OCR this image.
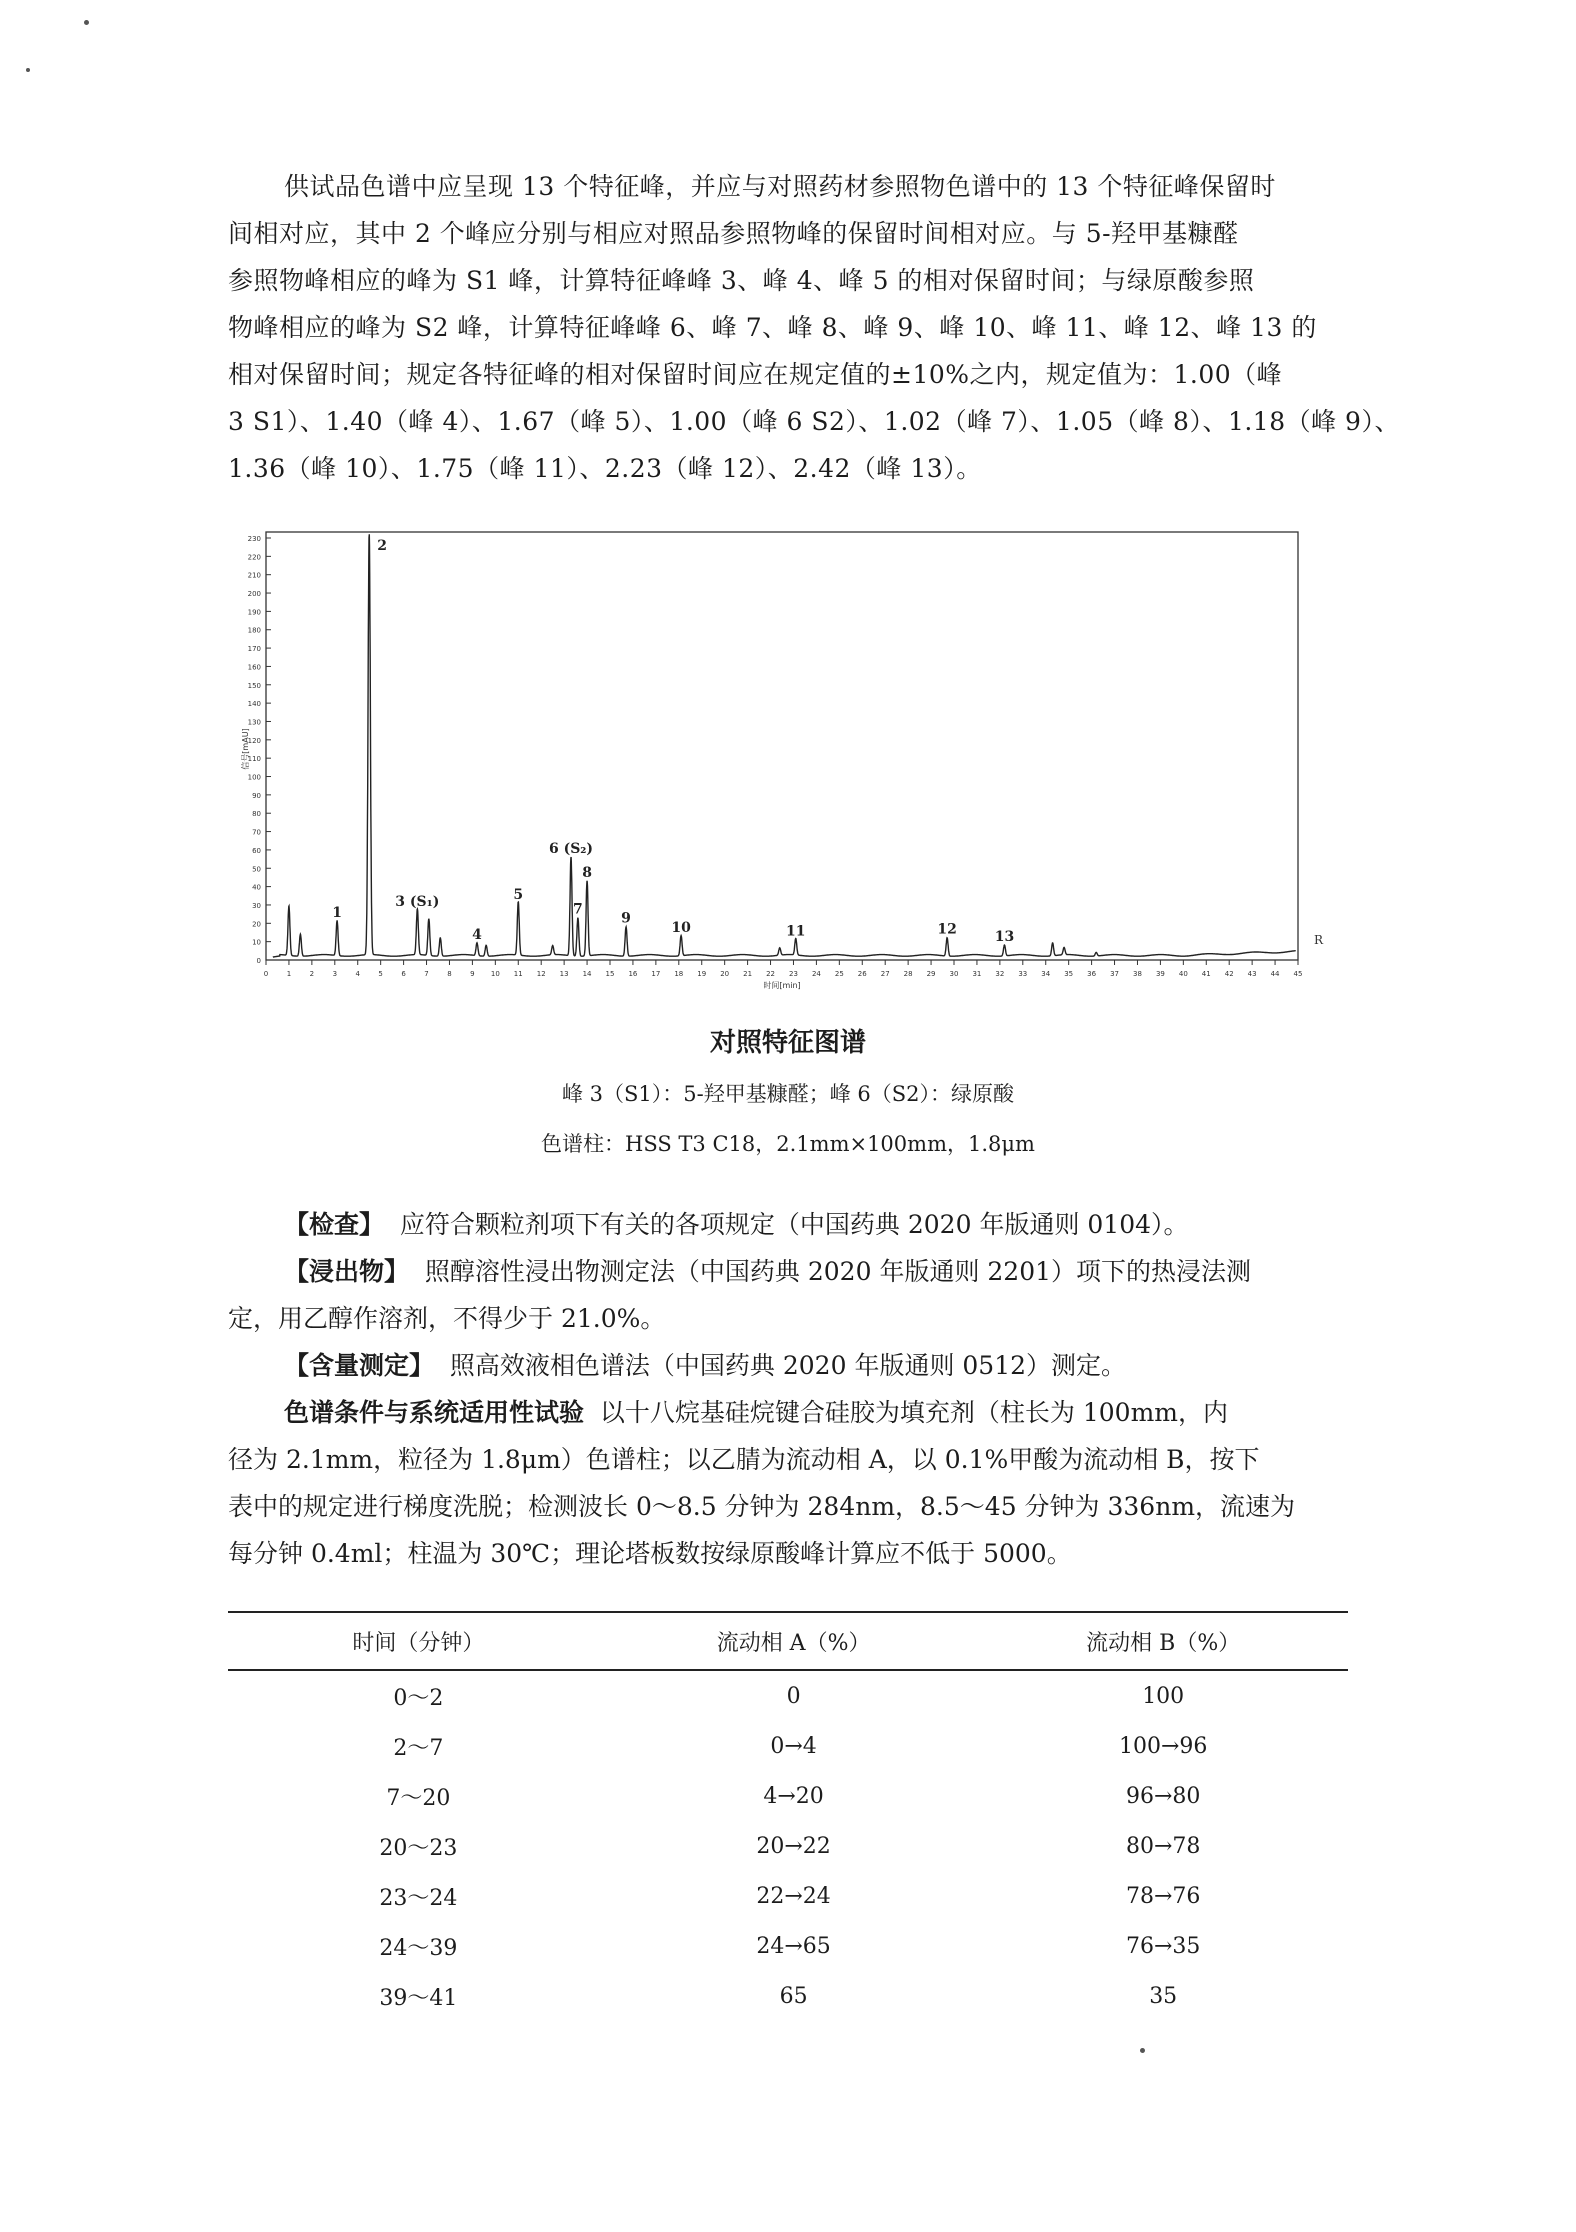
供试品色谱中应呈现 13 个特征峰，并应与对照药材参照物色谱中的 13 个特征峰保留时
间相对应，其中 2 个峰应分别与相应对照品参照物峰的保留时间相对应。与 5-羟甲基糠醛
参照物峰相应的峰为 S1 峰，计算特征峰峰 3、峰 4、峰 5 的相对保留时间；与绿原酸参照
物峰相应的峰为 S2 峰，计算特征峰峰 6、峰 7、峰 8、峰 9、峰 10、峰 11、峰 12、峰 13 的
相对保留时间；规定各特征峰的相对保留时间应在规定值的±10%之内，规定值为：1.00（峰
3 S1）、1.40（峰 4）、1.67（峰 5）、1.00（峰 6 S2）、1.02（峰 7）、1.05（峰 8）、1.18（峰 9）、
1.36（峰 10）、1.75（峰 11）、2.23（峰 12）、2.42（峰 13）。
0
10
20
30
40
50
60
70
80
90
100
110
120
130
140
150
160
170
180
190
200
210
220
230
0	1	2	3	4	5	6	7	8	9 10 11 12 13 14 15 16 17 18 19 20 21 22 23 24 25 26 27 28 29 30 31 32 33 34 35 36 37 38 39 40 41 42 43 44 45
信号[mAU]
时间[min]
R
1
2
3 (S₁)
4
5
6 (S₂)
7
8
9
10	11	12	13
对照特征图谱
峰 3（S1）：5-羟甲基糠醛；峰 6（S2）：绿原酸
色谱柱：HSS T3 C18，2.1mm×100mm，1.8μm
【检查】 应符合颗粒剂项下有关的各项规定（中国药典 2020 年版通则 0104）。
【浸出物】 照醇溶性浸出物测定法（中国药典 2020 年版通则 2201）项下的热浸法测
定，用乙醇作溶剂，不得少于 21.0%。
【含量测定】 照高效液相色谱法（中国药典 2020 年版通则 0512）测定。
色谱条件与系统适用性试验 以十八烷基硅烷键合硅胶为填充剂（柱长为 100mm，内
径为 2.1mm，粒径为 1.8μm）色谱柱；以乙腈为流动相 A，以 0.1%甲酸为流动相 B，按下
表中的规定进行梯度洗脱；检测波长 0～8.5 分钟为 284nm，8.5～45 分钟为 336nm，流速为
每分钟 0.4ml；柱温为 30℃；理论塔板数按绿原酸峰计算应不低于 5000。
时间（分钟）	流动相 A（%）	流动相 B（%）
0～2	0	100
2～7	0→4	100→96
7～20	4→20	96→80
20～23	20→22	80→78
23～24	22→24	78→76
24～39	24→65	76→35
39～41	65	35
